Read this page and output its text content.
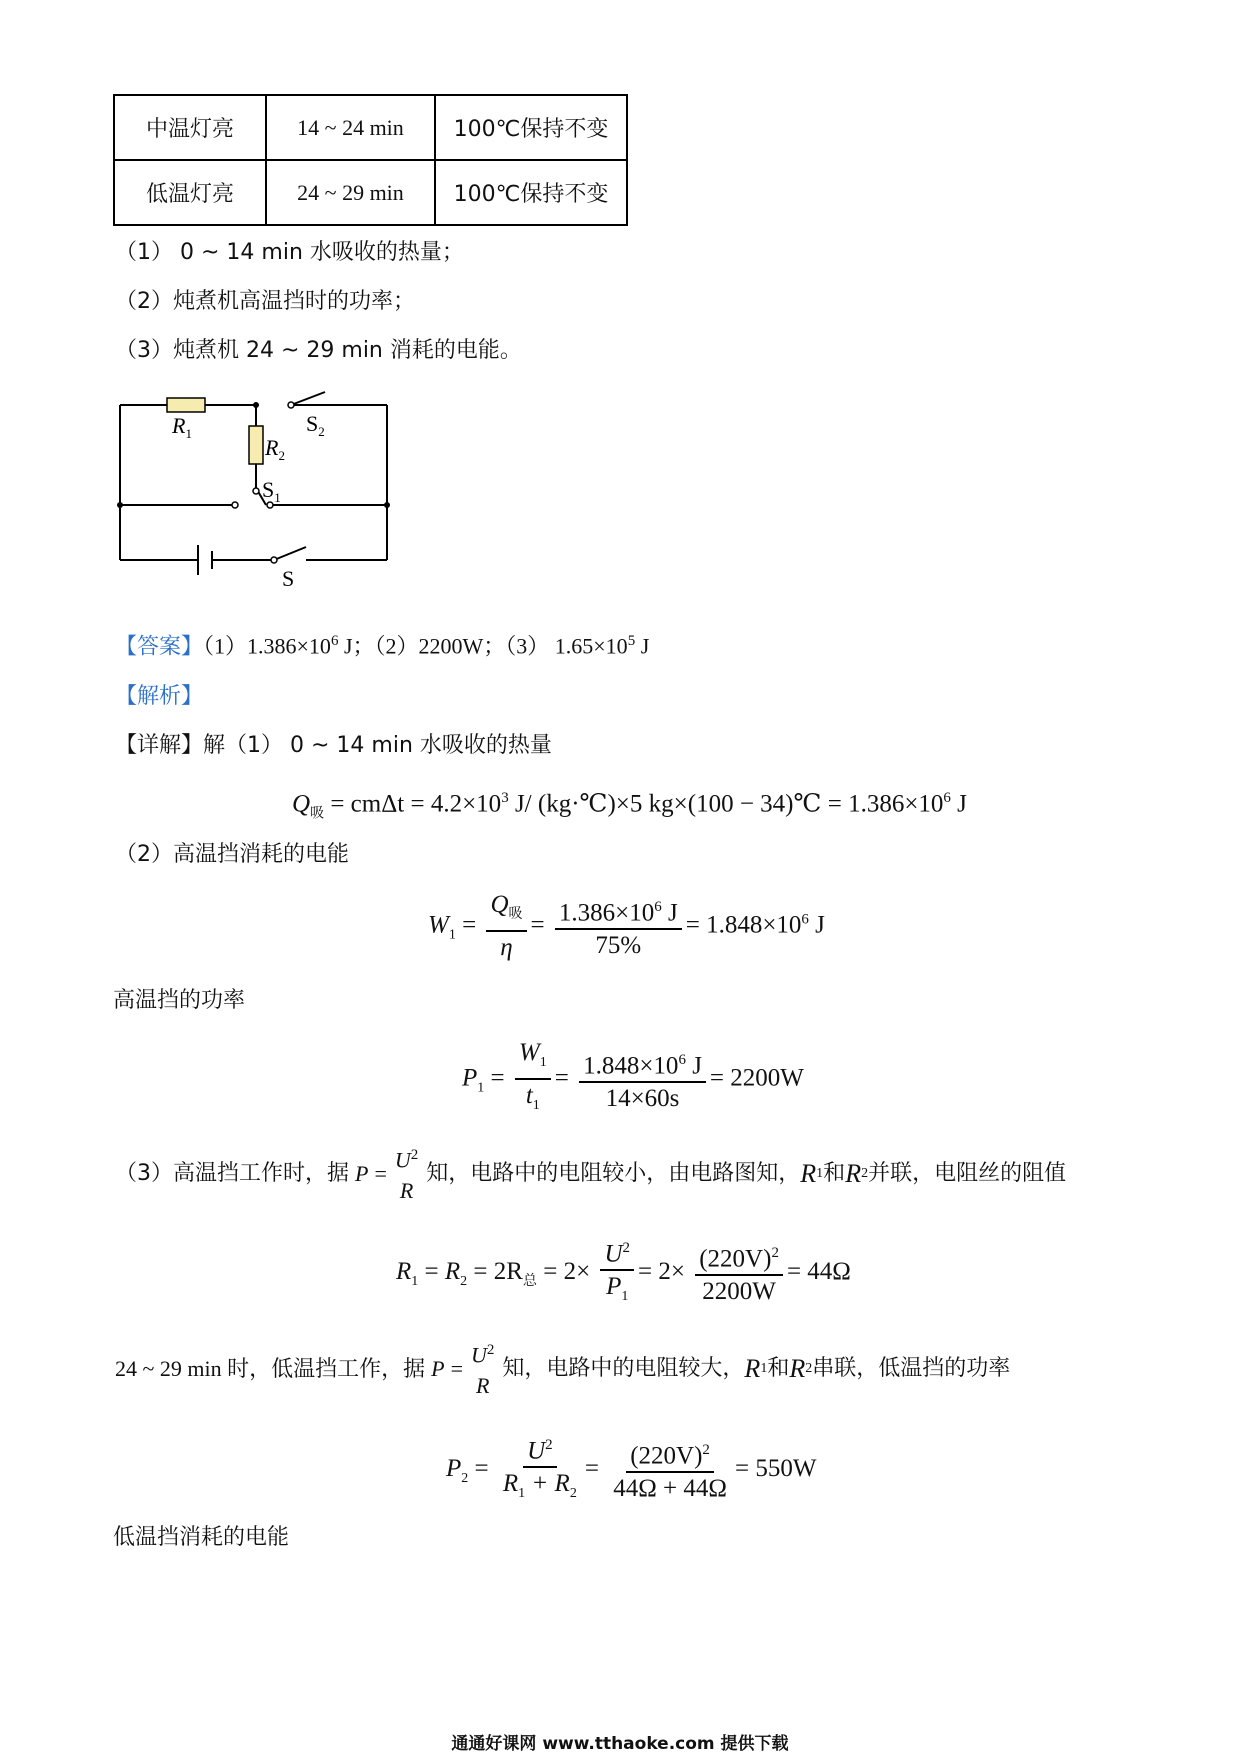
中温灯亮	14 ~ 24 min	100℃保持不变
低温灯亮	24 ~ 29 min	100℃保持不变
（1） 0 ~ 14 min 水吸收的热量；
（2）炖煮机高温挡时的功率；
（3）炖煮机 24 ~ 29 min 消耗的电能。
$R_1$
$R_2$
$S_2$
$S_1$
S
【答案】$(1)1.386\times 10^6$ J；（2）2200W；（3） $1.65\times 10^5$ J
【解析】
【详解】解（1） 0 ~ 14 min 水吸收的热量
$Q_吸 = cm\Delta t = 4.2\times 10^3$ J/ (kg·℃)×5 kg×(100 − 34)℃ = $1.386\times 10^6$ J
（2）高温挡消耗的电能
$W_1 = \frac{Q_吸}{\eta} = \frac{1.386\times 10^6 J}{75\%} = 1.848\times 10^6$ J
高温挡的功率
$P_1 = \frac{W_1}{t_1} = \frac{1.848\times 10^6 J}{14\times 60s} = 2200W$
（3）高温挡工作时，据 P =
$U^2$
R
知，电路中的电阻较小，由电路图知， R 1 和 R 2 并联，电阻丝的阻值
$R_1 = R_2 = 2R_总 = 2\times \frac{U^2}{P_1} = 2\times \frac{(220V)^2}{2200W} = 44\Omega$
24 ~ 29 min 时，低温挡工作，据 P =
$U^2$
R
知，电路中的电阻较大， R 1 和 R 2 串联，低温挡的功率
$P_2 = \frac{U^2}{R_1 + R_2} = \frac{(220V)^2}{44\Omega + 44\Omega} = 550W$
低温挡消耗的电能
通通好课网 www.tthaoke.com 提供下载
